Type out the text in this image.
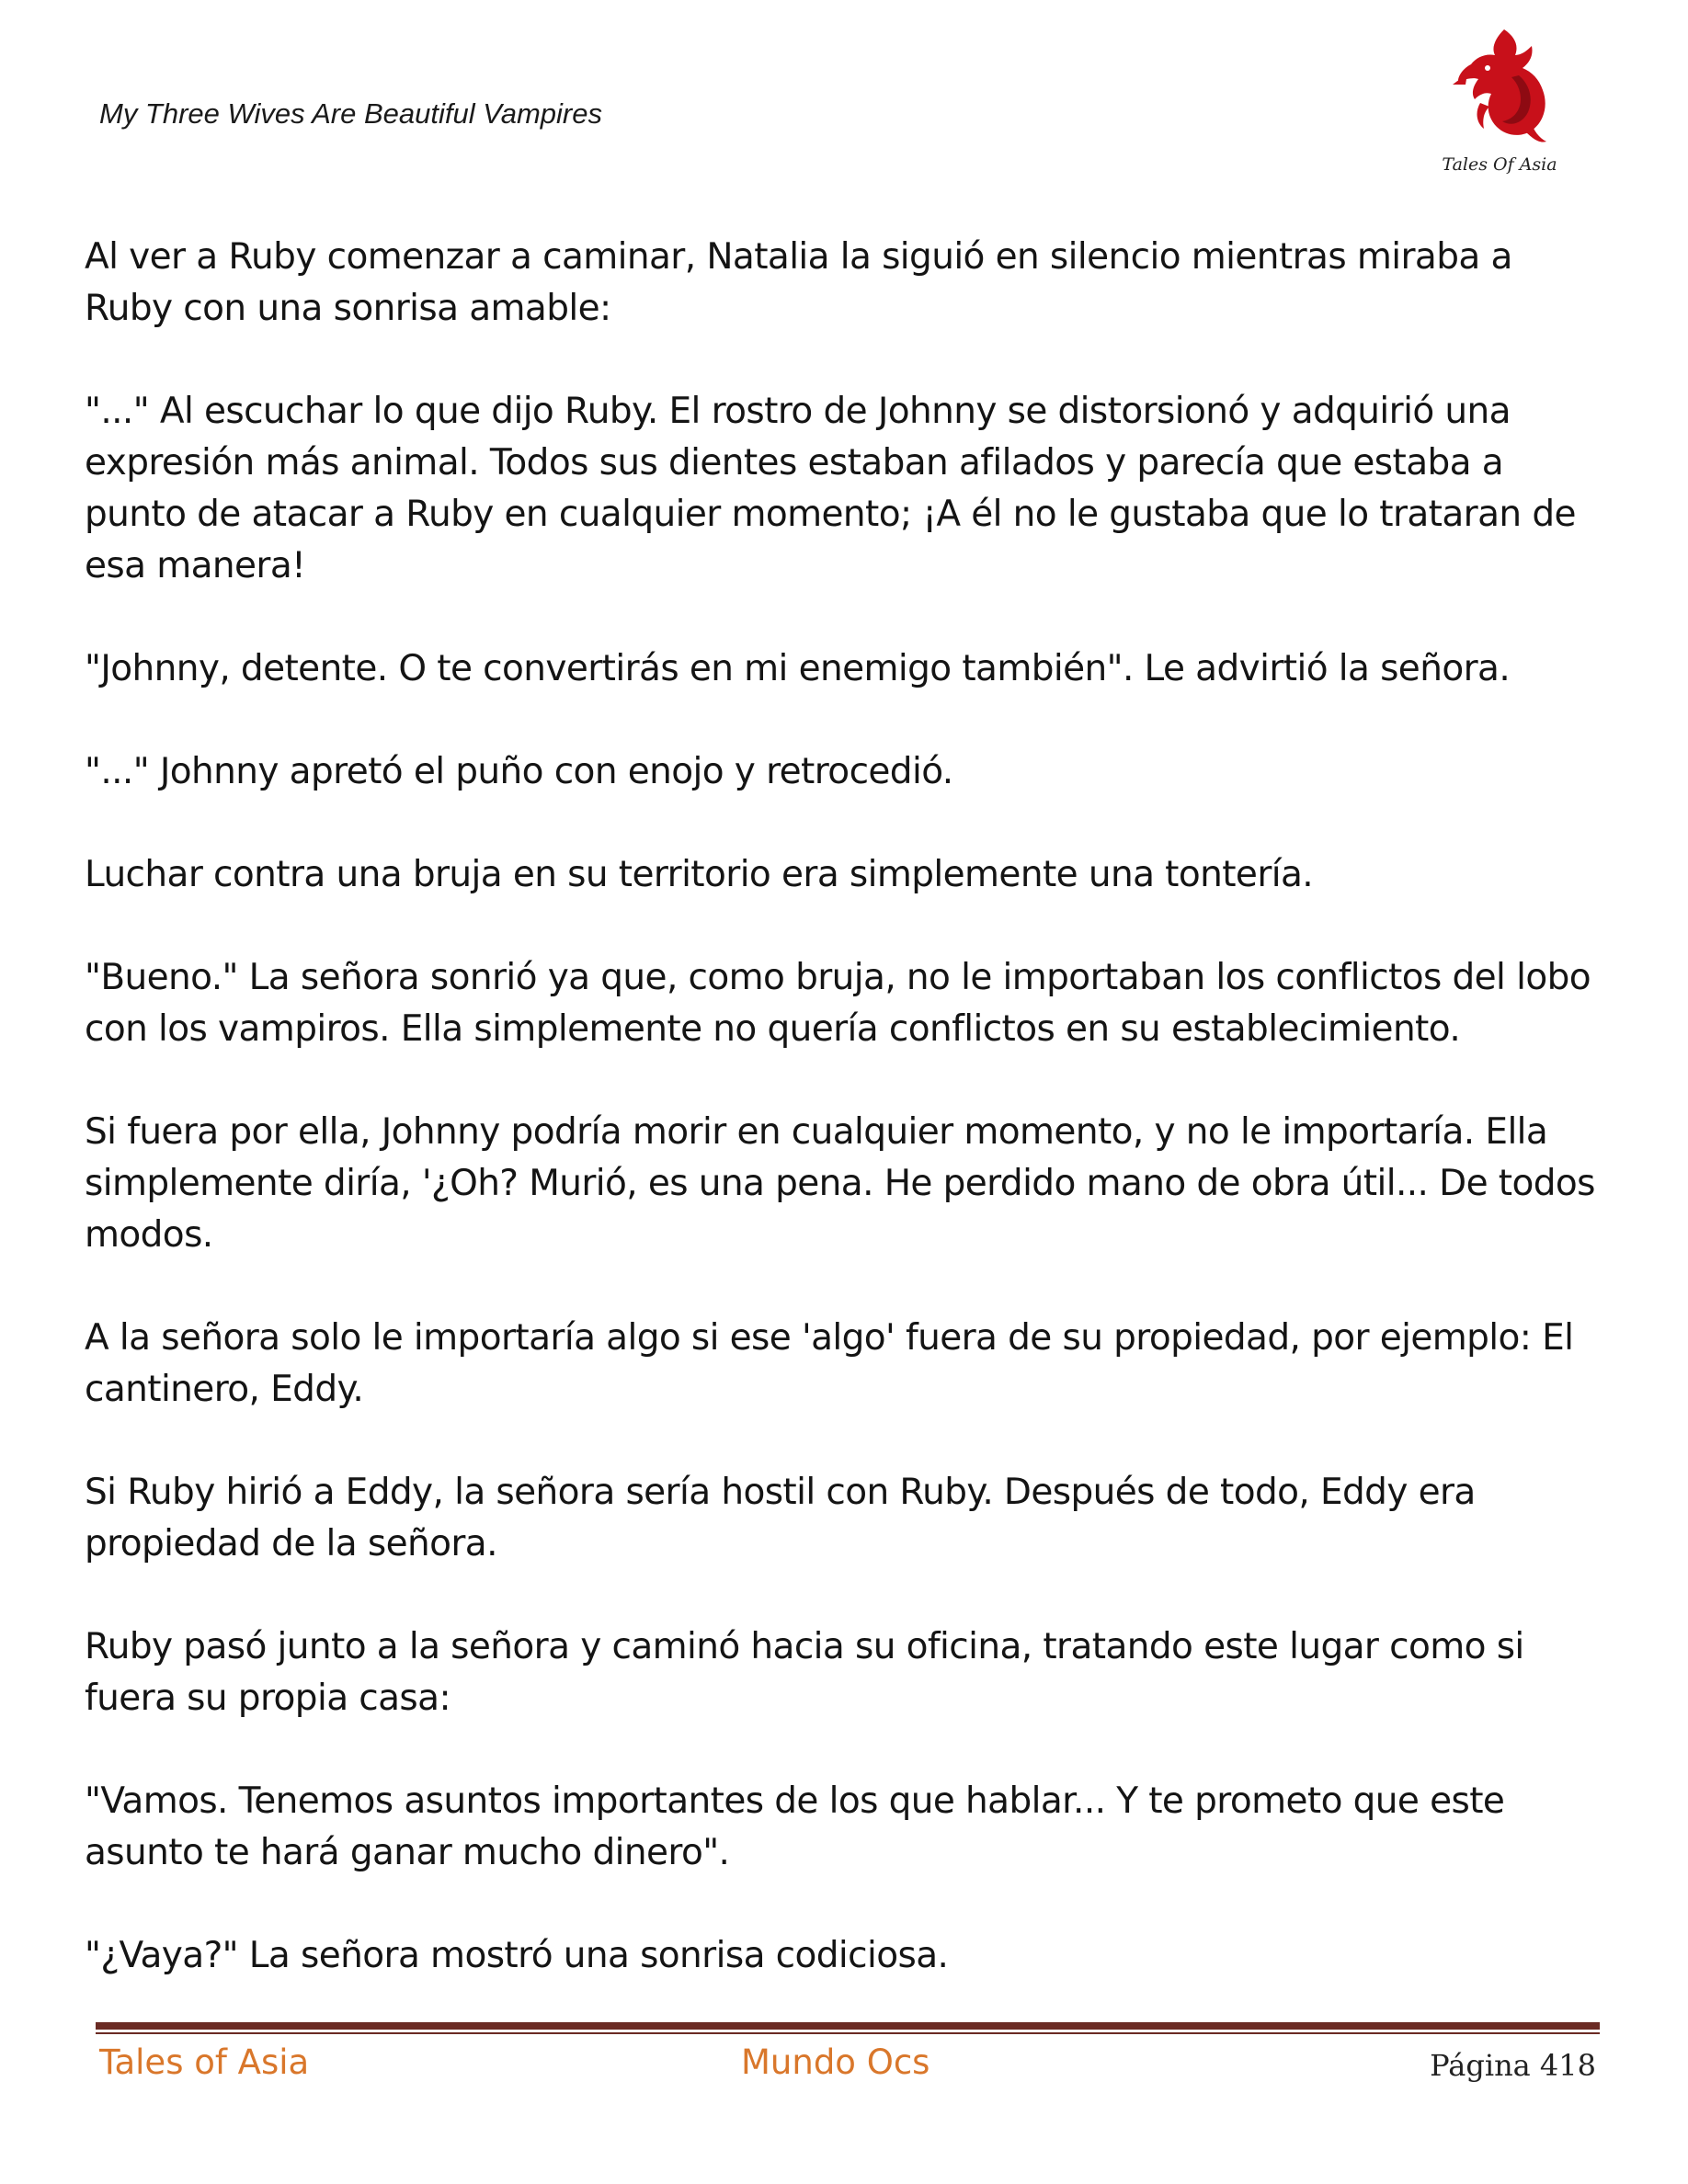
My Three Wives Are Beautiful Vampires
Tales Of Asia

Al ver a Ruby comenzar a caminar, Natalia la siguió en silencio mientras miraba a Ruby con una sonrisa amable:

"..." Al escuchar lo que dijo Ruby. El rostro de Johnny se distorsionó y adquirió una expresión más animal. Todos sus dientes estaban afilados y parecía que estaba a punto de atacar a Ruby en cualquier momento; ¡A él no le gustaba que lo trataran de esa manera!

"Johnny, detente. O te convertirás en mi enemigo también". Le advirtió la señora.

"..." Johnny apretó el puño con enojo y retrocedió.

Luchar contra una bruja en su territorio era simplemente una tontería.

"Bueno." La señora sonrió ya que, como bruja, no le importaban los conflictos del lobo con los vampiros. Ella simplemente no quería conflictos en su establecimiento.

Si fuera por ella, Johnny podría morir en cualquier momento, y no le importaría. Ella simplemente diría, '¿Oh? Murió, es una pena. He perdido mano de obra útil... De todos modos.

A la señora solo le importaría algo si ese 'algo' fuera de su propiedad, por ejemplo: El cantinero, Eddy.

Si Ruby hirió a Eddy, la señora sería hostil con Ruby. Después de todo, Eddy era propiedad de la señora.

Ruby pasó junto a la señora y caminó hacia su oficina, tratando este lugar como si fuera su propia casa:

"Vamos. Tenemos asuntos importantes de los que hablar... Y te prometo que este asunto te hará ganar mucho dinero".

"¿Vaya?" La señora mostró una sonrisa codiciosa.

Tales of Asia	Mundo Ocs	Página 418
